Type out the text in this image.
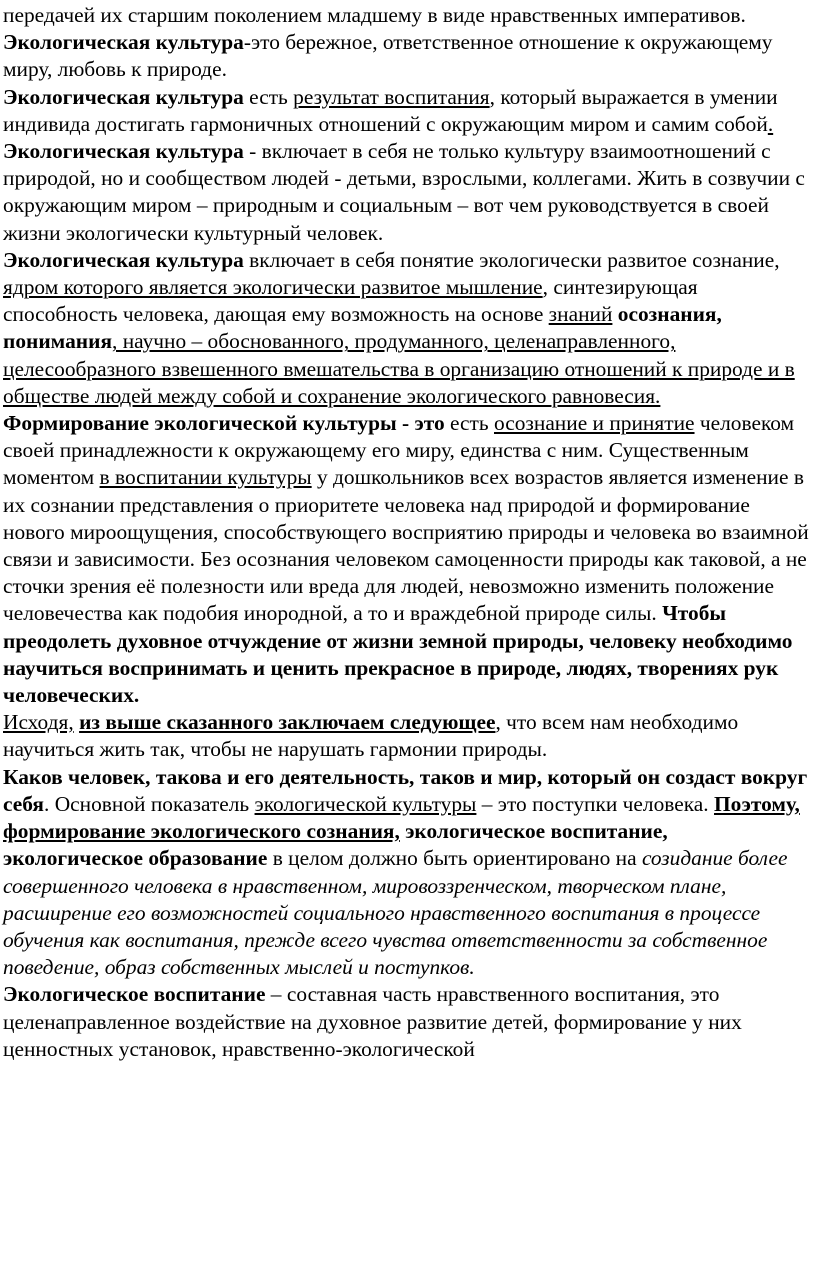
передачей их старшим поколением младшему в виде нравственных императивов.

Экологическая культура-это бережное, ответственное отношение к окружающему миру, любовь к природе.

Экологическая культура есть результат воспитания, который выражается в умении индивида достигать гармоничных отношений с окружающим миром и самим собой.

Экологическая культура - включает в себя не только культуру взаимоотношений с природой, но и сообществом людей - детьми, взрослыми, коллегами. Жить в созвучии с окружающим миром – природным и социальным – вот чем руководствуется в своей жизни экологически культурный человек.

Экологическая культура включает в себя понятие экологически развитое сознание, ядром которого является экологически развитое мышление, синтезирующая способность человека, дающая ему возможность на основе знаний осознания, понимания, научно – обоснованного, продуманного, целенаправленного, целесообразного взвешенного вмешательства в организацию отношений к природе и в обществе людей между собой и сохранение экологического равновесия.

Формирование экологической культуры - это есть осознание и принятие человеком своей принадлежности к окружающему его миру, единства с ним. Существенным моментом в воспитании культуры у дошкольников всех возрастов является изменение в их сознании представления о приоритете человека над природой и формирование нового мироощущения, способствующего восприятию природы и человека во взаимной связи и зависимости. Без осознания человеком самоценности природы как таковой, а не сточки зрения её полезности или вреда для людей, невозможно изменить положение человечества как подобия инородной, а то и враждебной природе силы. Чтобы преодолеть духовное отчуждение от жизни земной природы, человеку необходимо научиться воспринимать и ценить прекрасное в природе, людях, творениях рук человеческих.

Исходя, из выше сказанного заключаем следующее, что всем нам необходимо научиться жить так, чтобы не нарушать гармонии природы.

Каков человек, такова и его деятельность, таков и мир, который он создаст вокруг себя. Основной показатель экологической культуры – это поступки человека. Поэтому, формирование экологического сознания, экологическое воспитание, экологическое образование в целом должно быть ориентировано на созидание более совершенного человека в нравственном, мировоззренческом, творческом плане, расширение его возможностей социального нравственного воспитания в процессе обучения как воспитания, прежде всего чувства ответственности за собственное поведение, образ собственных мыслей и поступков.

Экологическое воспитание – составная часть нравственного воспитания, это целенаправленное воздействие на духовное развитие детей, формирование у них ценностных установок, нравственно-экологической
